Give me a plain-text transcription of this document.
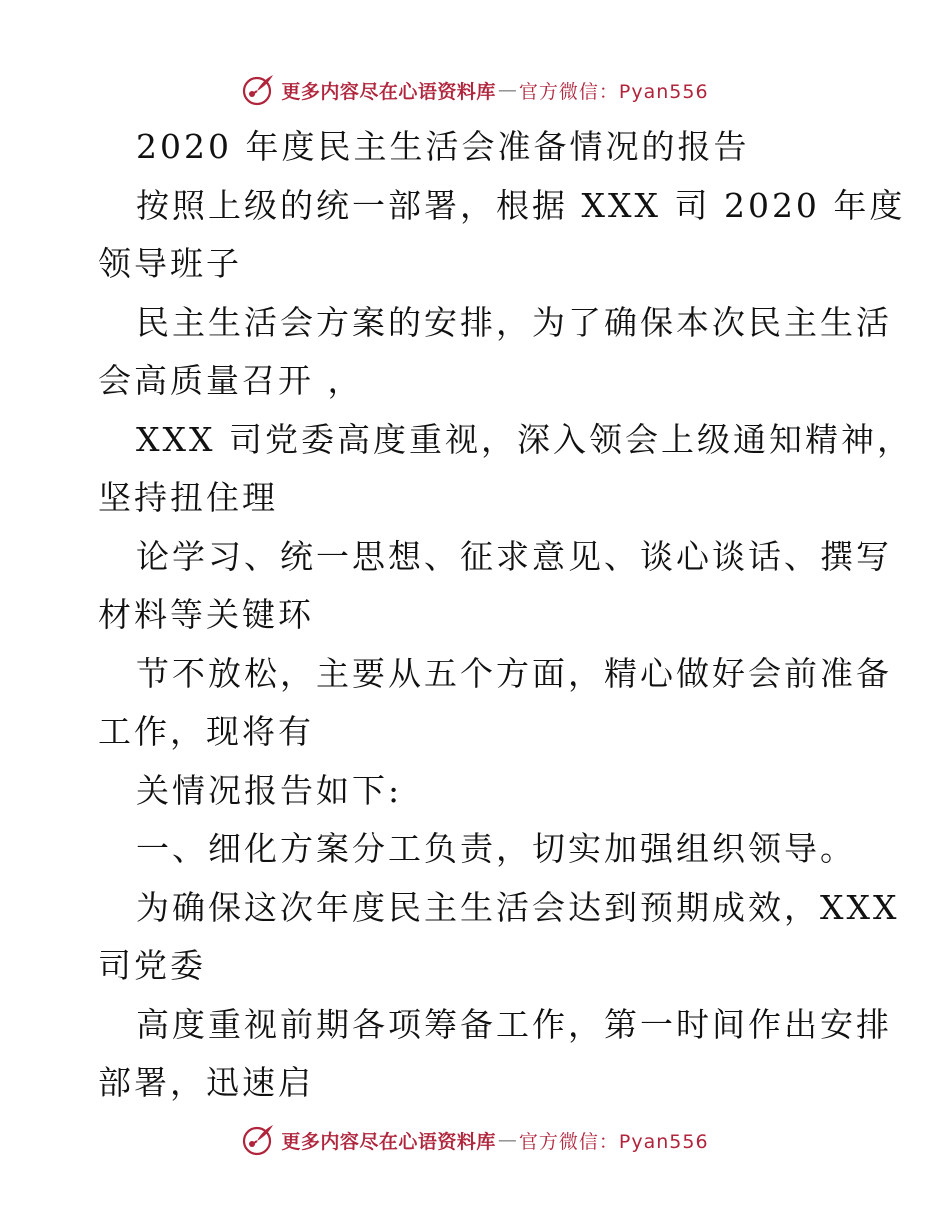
更多内容尽在心语资料库 — 官方微信：Pyan556
2020 年度民主生活会准备情况的报告
按照上级的统一部署，根据 XXX 司 2020 年度
领导班子
民主生活会方案的安排，为了确保本次民主生活
会高质量召开 ，
XXX 司党委高度重视，深入领会上级通知精神，
坚持扭住理
论学习、统一思想、征求意见、谈心谈话、撰写
材料等关键环
节不放松，主要从五个方面，精心做好会前准备
工作，现将有
关情况报告如下:
一、细化方案分工负责，切实加强组织领导。
为确保这次年度民主生活会达到预期成效，XXX
司党委
高度重视前期各项筹备工作，第一时间作出安排
部署，迅速启
更多内容尽在心语资料库 — 官方微信：Pyan556
